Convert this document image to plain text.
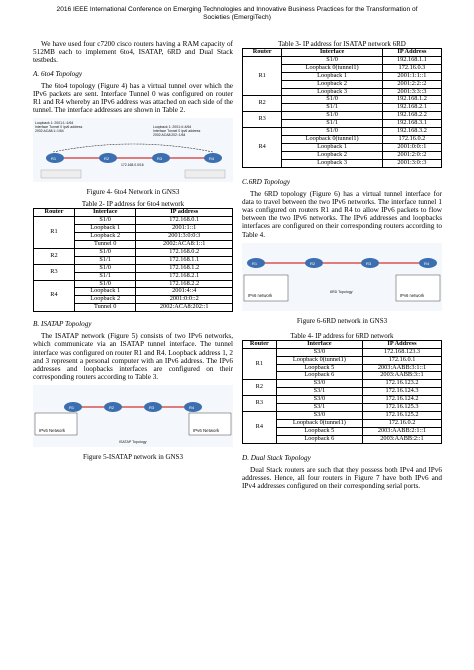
2016 IEEE International Conference on Emerging Technologies and Innovative Business Practices for the Transformation of
Societies (EmergiTech)

We have used four c7200 cisco routers having a RAM capacity of 512MB each to implement 6to4, ISATAP, 6RD and Dual Stack testbeds.

A. 6to4 Topology

The 6to4 topology (Figure 4) has a virtual tunnel over which the IPv6 packets are sent. Interface Tunnel 0 was configured on router R1 and R4 whereby an IPv6 address was attached on each side of the tunnel. The interface addresses are shown in Table 2.

Loopback 1: 2001:1::1/64
Interface Tunnel 0 ipv6 address
2002:ACA8:1::1/64
Loopback 1: 2001:4::4/64
Interface Tunnel 0 ipv6 address
2002:ACA8:202::1/64
R1	R2	R3	R4
172.168.0.0/16
Figure 4- 6to4 Network in GNS3
Table 2- IP address for 6to4 network
Router	Interface	IP address
R1	S1/0	172.168.0.1
	Loopback 1	2001:1::1
	Loopback 2	2001:3:0:0:3
	Tunnel 0	2002:ACA8:1::1
R2	S1/0	172.168.0.2
	S1/1	172.168.1.1
R3	S1/0	172.168.1.2
	S1/1	172.168.2.1
R4	S1/0	172.168.2.2
	Loopback 1	2001:4::4
	Loopback 2	2001:0:0::2
	Tunnel 0	2002:ACA8:202::1
B. ISATAP Topology

The ISATAP network (Figure 5) consists of two IPv6 networks, which communicate via an ISATAP tunnel interface. The tunnel interface was configured on router R1 and R4. Loopback address 1, 2 and 3 represent a personal computer with an IPv6 address. The IPv6 addresses and loopbacks interfaces are configured on their corresponding routers according to Table 3.

IPv6 Network	IPv6 Network
R1	R2	R3	R4
ISATAP Topology
Figure 5-ISATAP network in GNS3
Table 3- IP address for ISATAP network 6RD
Router	Interface	IP Address
R1	S1/0	192.168.1.1
	Loopback 0(tunnel1)	172.16.0.3
	Loopback 1	2001:1:1::1
	Loopback 2	2001:2:2::2
	Loopback 3	2001:3:3::3
R2	S1/0	192.168.1.2
	S1/1	192.168.2.1
R3	S1/0	192.168.2.2
	S1/1	192.168.3.1
R4	S1/0	192.168.3.2
	Loopback 0(tunnel1)	172.16.0.2
	Loopback 1	2001:0:0::1
	Loopback 2	2001:2:0::2
	Loopback 3	2001:3:0::3
C.6RD Topology

The 6RD topology (Figure 6) has a virtual tunnel interface for data to travel between the two IPv6 networks. The interface tunnel 1 was configured on routers R1 and R4 to allow IPv6 packets to flow between the two IPv6 networks. The IPv6 addresses and loopbacks interfaces are configured on their corresponding routers according to Table 4.

R1	R2	R3	R4
IPv6 network	IPv6 network
6RD Topology
Figure 6-6RD network in GNS3
Table 4- IP address for 6RD network
Router	Interface	IP Address
R1	S3/0	172.168.123.3
	Loopback 0(tunnel1)	172.16.0.1
	Loopback 5	2003:AABB:3:1::1
	Loopback 6	2003:AABB:3::1
R2	S3/0	172.16.123.2
	S3/1	172.16.124.3
R3	S3/0	172.16.124.2
	S3/1	172.16.125.3
R4	S3/0	172.16.125.2
	Loopback 0(tunnel1)	172.16.0.2
	Loopback 5	2003:AABB:2:1::1
	Loopback 6	2003:AABB:2::1
D. Dual Stack Topology

Dual Stack routers are such that they possess both IPv4 and IPv6 addresses. Hence, all four routers in Figure 7 have both IPv6 and IPv4 addresses configured on their corresponding serial ports.
